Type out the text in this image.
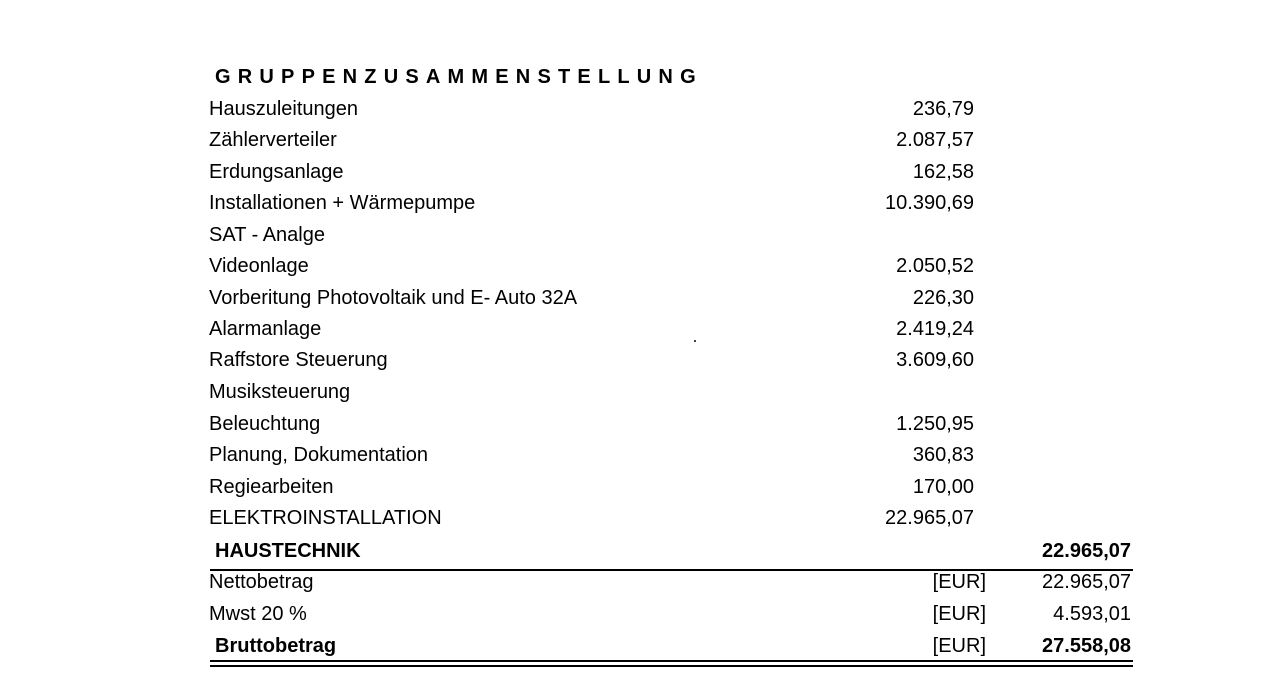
GRUPPENZUSAMMENSTELLUNG
Hauszuleitungen	236,79
Zählerverteiler	2.087,57
Erdungsanlage	162,58
Installationen + Wärmepumpe	10.390,69
SAT - Analge
Videonlage	2.050,52
Vorberitung Photovoltaik und E- Auto 32A	226,30
Alarmanlage	2.419,24
Raffstore Steuerung	3.609,60
Musiksteuerung
Beleuchtung	1.250,95
Planung, Dokumentation	360,83
Regiearbeiten	170,00
ELEKTROINSTALLATION	22.965,07
HAUSTECHNIK	22.965,07
Nettobetrag	[EUR]	22.965,07
Mwst 20 %	[EUR]	4.593,01
Bruttobetrag	[EUR]	27.558,08
